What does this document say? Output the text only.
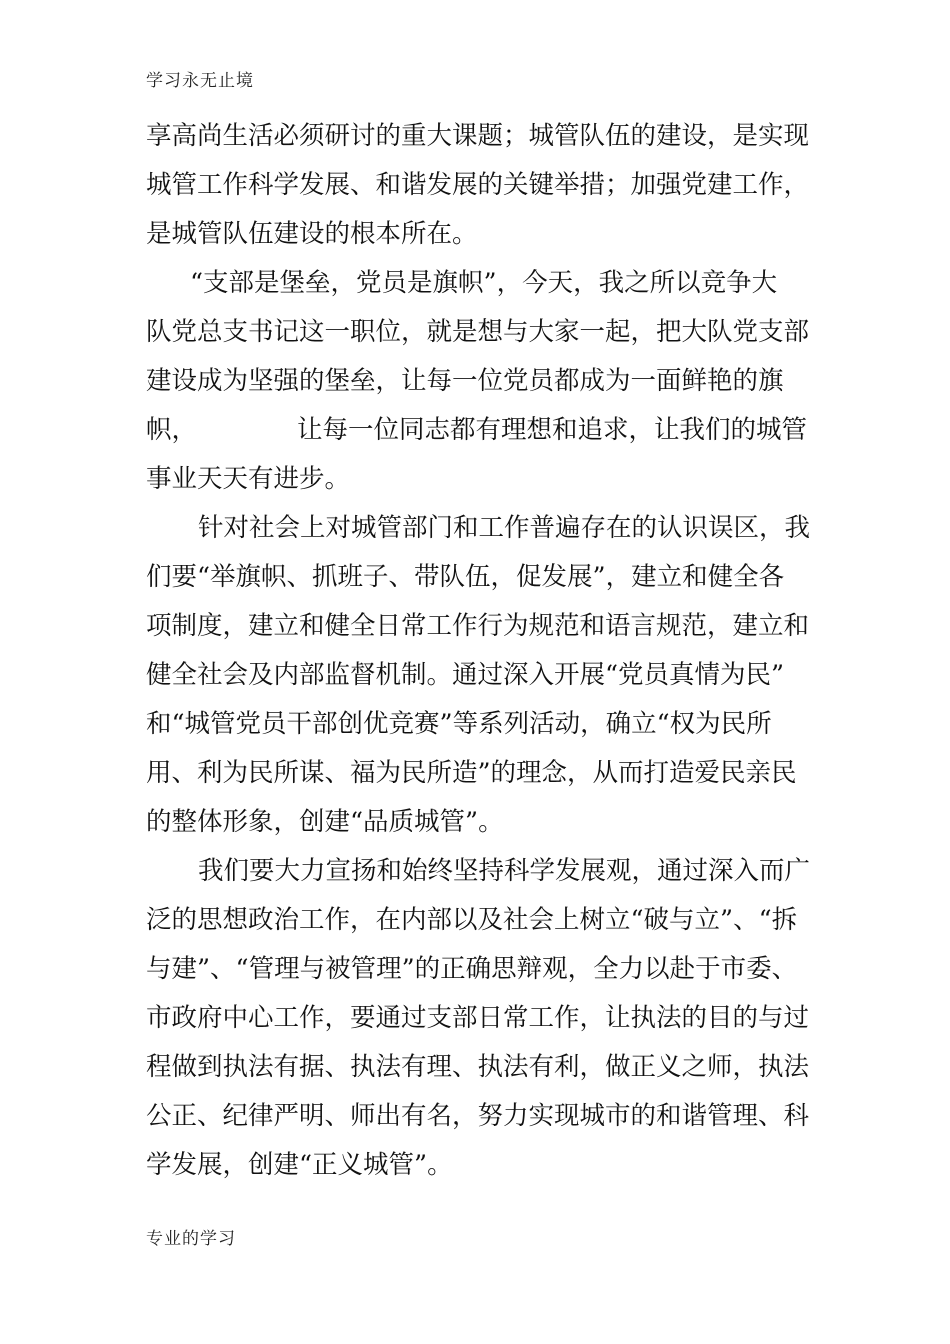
学习永无止境
享高尚生活必须研讨的重大课题；城管队伍的建设，是实现
城管工作科学发展、和谐发展的关键举措；加强党建工作，
是城管队伍建设的根本所在。
“支部是堡垒，党员是旗帜”，今天，我之所以竞争大
队党总支书记这一职位，就是想与大家一起，把大队党支部
建设成为坚强的堡垒，让每一位党员都成为一面鲜艳的旗
帜，	让每一位同志都有理想和追求，让我们的城管
事业天天有进步。
针对社会上对城管部门和工作普遍存在的认识误区，我
们要“举旗帜、抓班子、带队伍，促发展”，建立和健全各
项制度，建立和健全日常工作行为规范和语言规范，建立和
健全社会及内部监督机制。通过深入开展“党员真情为民”
和“城管党员干部创优竞赛”等系列活动，确立“权为民所
用、利为民所谋、福为民所造”的理念，从而打造爱民亲民
的整体形象，创建“品质城管”。
我们要大力宣扬和始终坚持科学发展观，通过深入而广
泛的思想政治工作，在内部以及社会上树立“破与立”、“拆
与建”、“管理与被管理”的正确思辩观，全力以赴于市委、
市政府中心工作，要通过支部日常工作，让执法的目的与过
程做到执法有据、执法有理、执法有利，做正义之师，执法
公正、纪律严明、师出有名，努力实现城市的和谐管理、科
学发展，创建“正义城管”。
专业的学习
